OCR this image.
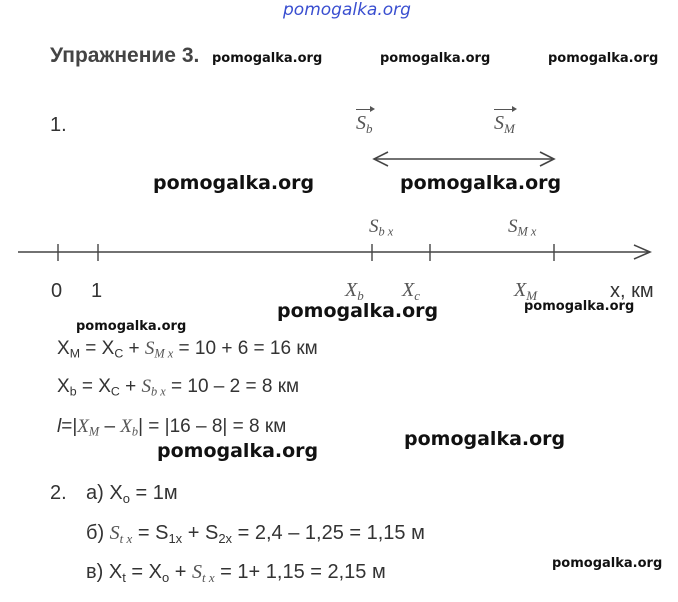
pomogalka.org
pomogalka.org	pomogalka.org	pomogalka.org
pomogalka.org	pomogalka.org
pomogalka.org	pomogalka.org
pomogalka.org
pomogalka.org
pomogalka.org
pomogalka.org
Упражнение 3.
1.	$S_b$	$S_M$
$S_{b x}$	$S_{M x}$
0 1	$X_b$ $X_c$	$X_M$	x, км
$X_M = X_C + S_{M x} = 10 + 6 = 16$ км
$X_b = X_C + S_{b x} = 10 - 2 = 8$ км
$l=|X_M - X_b| = |16 - 8| = 8$ км
2. а) $X_o = 1м$
б) $S_{t x} = S_{1x} + S_{2x} = 2,4 - 1,25 = 1,15$ м
в) $X_t = X_o + S_{t x} = 1+ 1,15 = 2,15$ м
